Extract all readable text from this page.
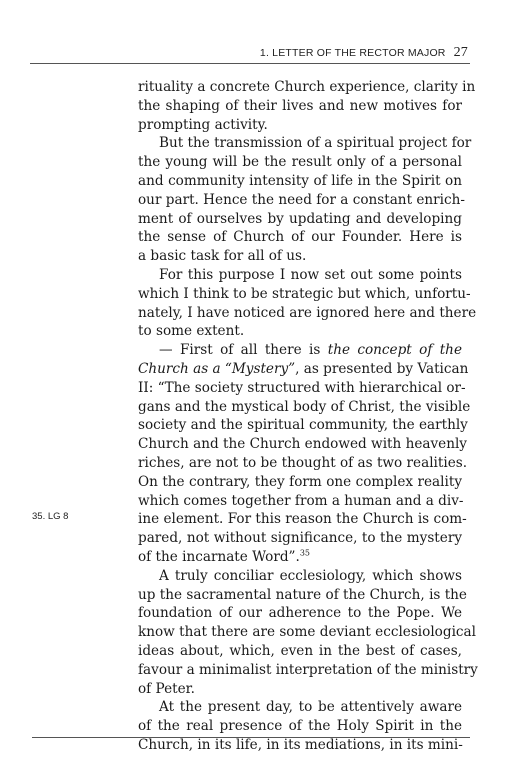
1. LETTER OF THE RECTOR MAJOR 27
35. LG 8
rituality a concrete Church experience, clarity in
the shaping of their lives and new motives for
prompting activity.
But the transmission of a spiritual project for
the young will be the result only of a personal
and community intensity of life in the Spirit on
our part. Hence the need for a constant enrich-
ment of ourselves by updating and developing
the sense of Church of our Founder. Here is
a basic task for all of us.
For this purpose I now set out some points
which I think to be strategic but which, unfortu-
nately, I have noticed are ignored here and there
to some extent.
— First of all there is the concept of the
Church as a “Mystery”, as presented by Vatican
II: “The society structured with hierarchical or-
gans and the mystical body of Christ, the visible
society and the spiritual community, the earthly
Church and the Church endowed with heavenly
riches, are not to be thought of as two realities.
On the contrary, they form one complex reality
which comes together from a human and a div-
ine element. For this reason the Church is com-
pared, not without significance, to the mystery
of the incarnate Word”.$^{35}$
A truly conciliar ecclesiology, which shows
up the sacramental nature of the Church, is the
foundation of our adherence to the Pope. We
know that there are some deviant ecclesiological
ideas about, which, even in the best of cases,
favour a minimalist interpretation of the ministry
of Peter.
At the present day, to be attentively aware
of the real presence of the Holy Spirit in the
Church, in its life, in its mediations, in its mini-
